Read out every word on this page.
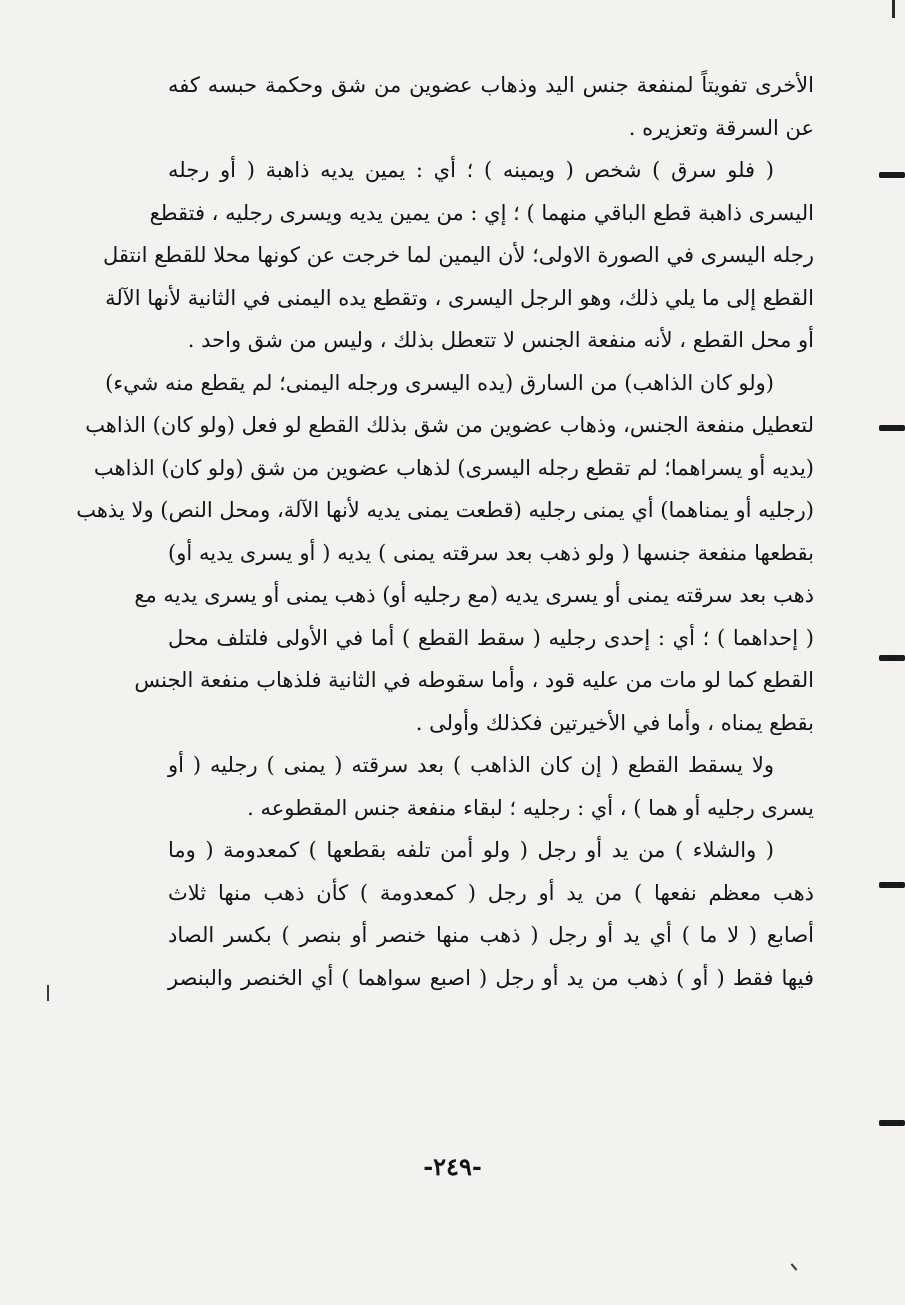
الأخرى تفويتاً لمنفعة جنس اليد وذهاب عضوين من شق وحكمة حبسه كفه
عن السرقة وتعزيره .
( فلو سرق ) شخص ( ويمينه ) ؛ أي : يمين يديه ذاهبة ( أو رجله
اليسرى ذاهبة قطع الباقي منهما ) ؛ إي : من يمين يديه ويسرى رجليه ، فتقطع
رجله اليسرى في الصورة الاولى؛ لأن اليمين لما خرجت عن كونها محلا للقطع انتقل
القطع إلى ما يلي ذلك، وهو الرجل اليسرى ، وتقطع يده اليمنى في الثانية لأنها الآلة
أو محل القطع ، لأنه منفعة الجنس لا تتعطل بذلك ، وليس من شق واحد .
(ولو كان الذاهب) من السارق (يده اليسرى ورجله اليمنى؛ لم يقطع منه شيء)
لتعطيل منفعة الجنس، وذهاب عضوين من شق بذلك القطع لو فعل (ولو كان) الذاهب
(يديه أو يسراهما؛ لم تقطع رجله اليسرى) لذهاب عضوين من شق (ولو كان) الذاهب
(رجليه أو يمناهما) أي يمنى رجليه (قطعت يمنى يديه لأنها الآلة، ومحل النص) ولا يذهب
بقطعها منفعة جنسها ( ولو ذهب بعد سرقته يمنى ) يديه ( أو يسرى يديه أو)
ذهب بعد سرقته يمنى أو يسرى يديه (مع رجليه أو) ذهب يمنى أو يسرى يديه مع
( إحداهما ) ؛ أي : إحدى رجليه ( سقط القطع ) أما في الأولى فلتلف محل
القطع كما لو مات من عليه قود ، وأما سقوطه في الثانية فلذهاب منفعة الجنس
بقطع يمناه ، وأما في الأخيرتين فكذلك وأولى .
ولا يسقط القطع ( إن كان الذاهب ) بعد سرقته ( يمنى ) رجليه ( أو
يسرى رجليه أو هما ) ، أي : رجليه ؛ لبقاء منفعة جنس المقطوعه .
( والشلاء ) من يد أو رجل ( ولو أمن تلفه بقطعها ) كمعدومة ( وما
ذهب معظم نفعها ) من يد أو رجل ( كمعدومة ) كأن ذهب منها ثلاث
أصابع ( لا ما ) أي يد أو رجل ( ذهب منها خنصر أو بنصر ) بكسر الصاد
فيها فقط ( أو ) ذهب من يد أو رجل ( اصبع سواهما ) أي الخنصر والبنصر
-٢٤٩-
